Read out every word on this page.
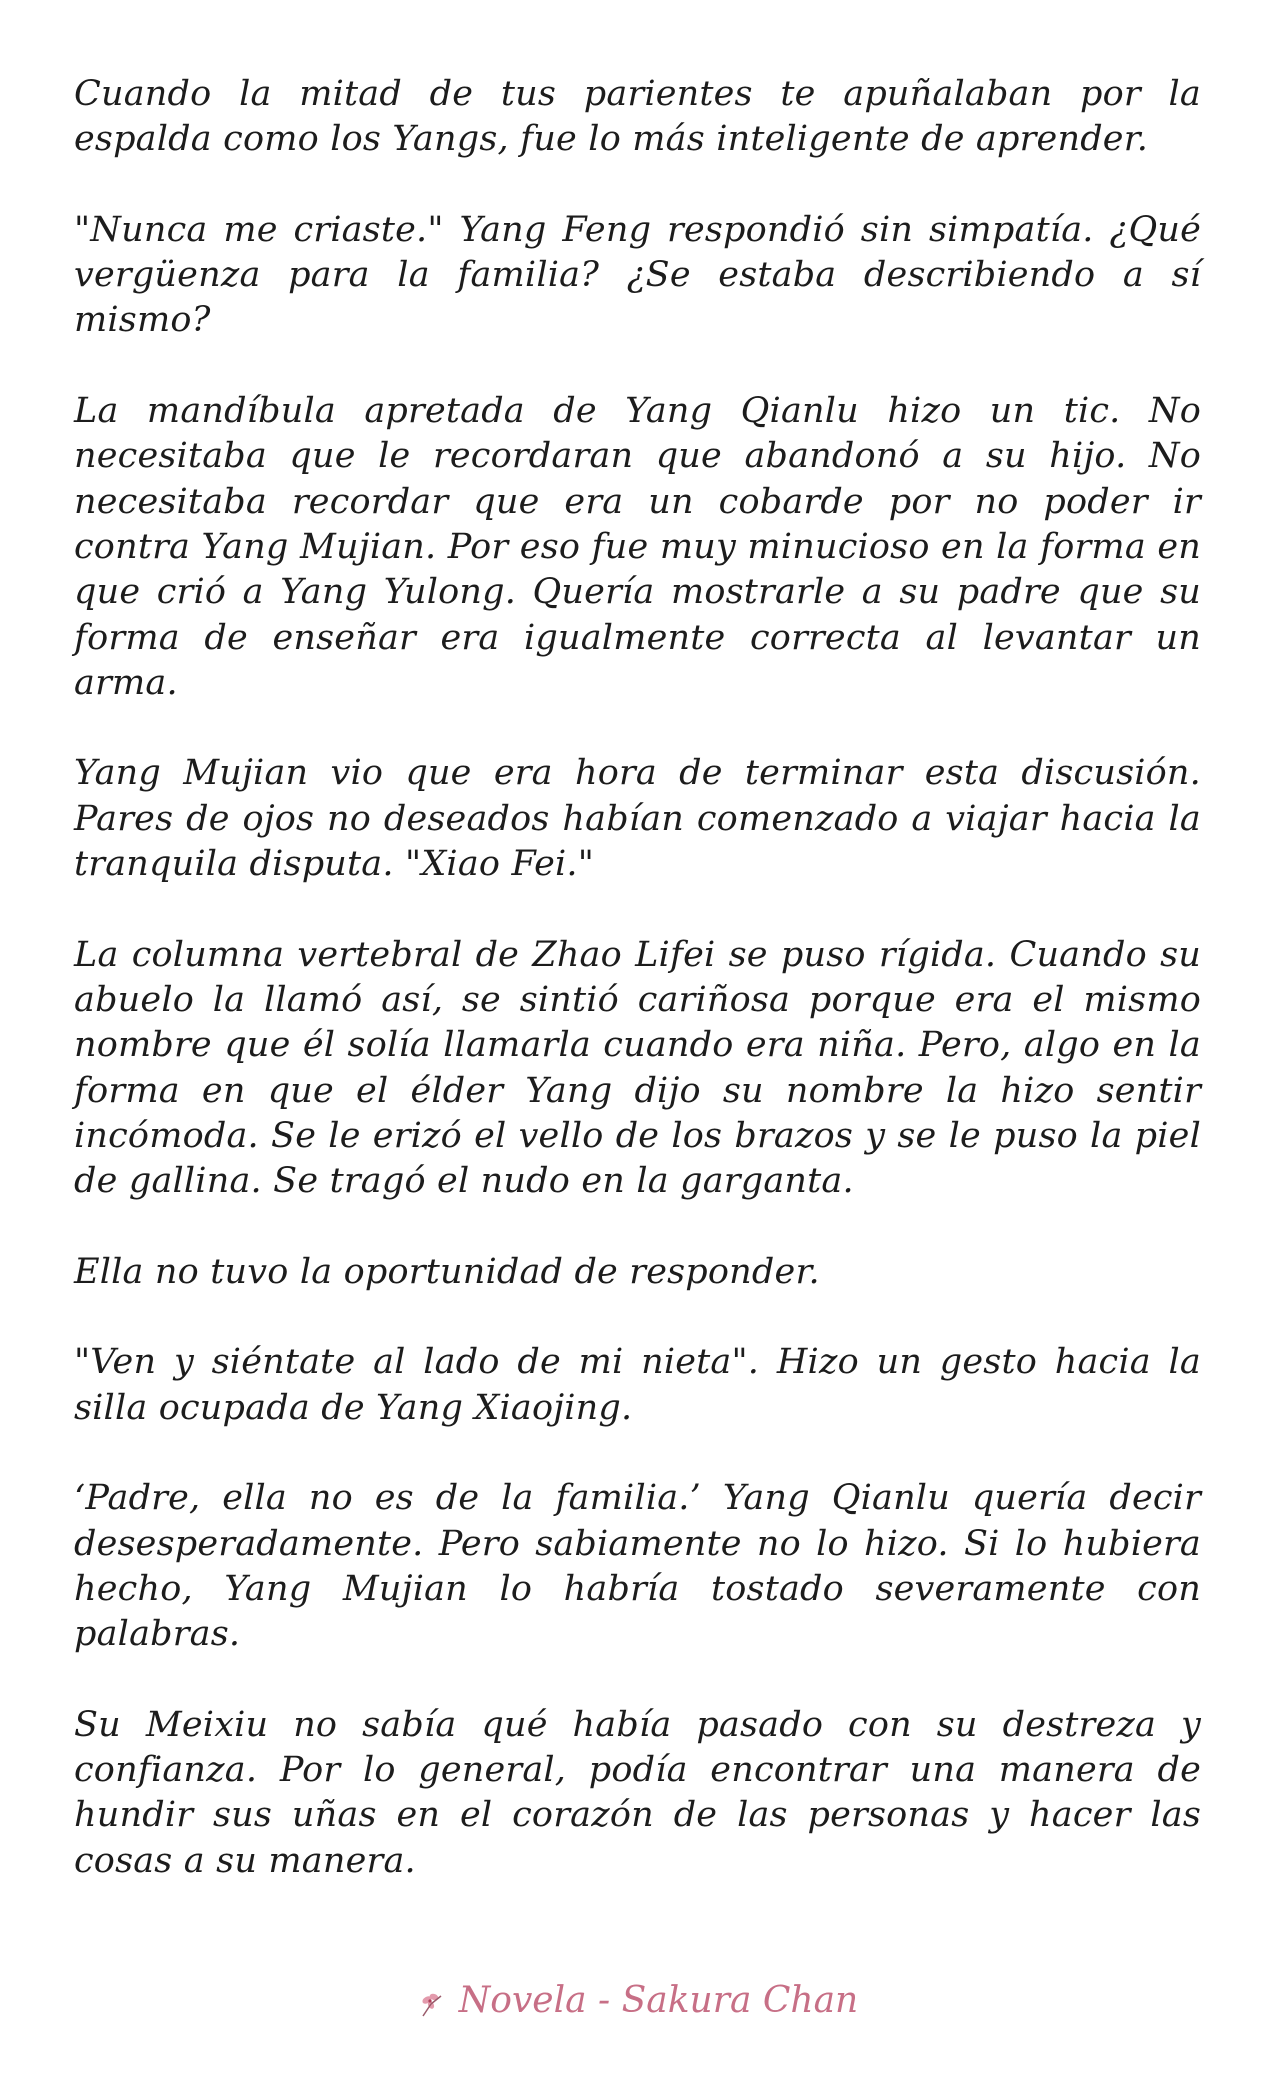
Cuando la mitad de tus parientes te apuñalaban por la espalda como los Yangs, fue lo más inteligente de aprender.

"Nunca me criaste." Yang Feng respondió sin simpatía. ¿Qué vergüenza para la familia? ¿Se estaba describiendo a sí mismo?

La mandíbula apretada de Yang Qianlu hizo un tic. No necesitaba que le recordaran que abandonó a su hijo. No necesitaba recordar que era un cobarde por no poder ir contra Yang Mujian. Por eso fue muy minucioso en la forma en que crió a Yang Yulong. Quería mostrarle a su padre que su forma de enseñar era igualmente correcta al levantar un arma.

Yang Mujian vio que era hora de terminar esta discusión. Pares de ojos no deseados habían comenzado a viajar hacia la tranquila disputa. "Xiao Fei."

La columna vertebral de Zhao Lifei se puso rígida. Cuando su abuelo la llamó así, se sintió cariñosa porque era el mismo nombre que él solía llamarla cuando era niña. Pero, algo en la forma en que el élder Yang dijo su nombre la hizo sentir incómoda. Se le erizó el vello de los brazos y se le puso la piel de gallina. Se tragó el nudo en la garganta.

Ella no tuvo la oportunidad de responder.

"Ven y siéntate al lado de mi nieta". Hizo un gesto hacia la silla ocupada de Yang Xiaojing.

‘Padre, ella no es de la familia.’ Yang Qianlu quería decir desesperadamente. Pero sabiamente no lo hizo. Si lo hubiera hecho, Yang Mujian lo habría tostado severamente con palabras.

Su Meixiu no sabía qué había pasado con su destreza y confianza. Por lo general, podía encontrar una manera de hundir sus uñas en el corazón de las personas y hacer las cosas a su manera.

Novela - Sakura Chan
